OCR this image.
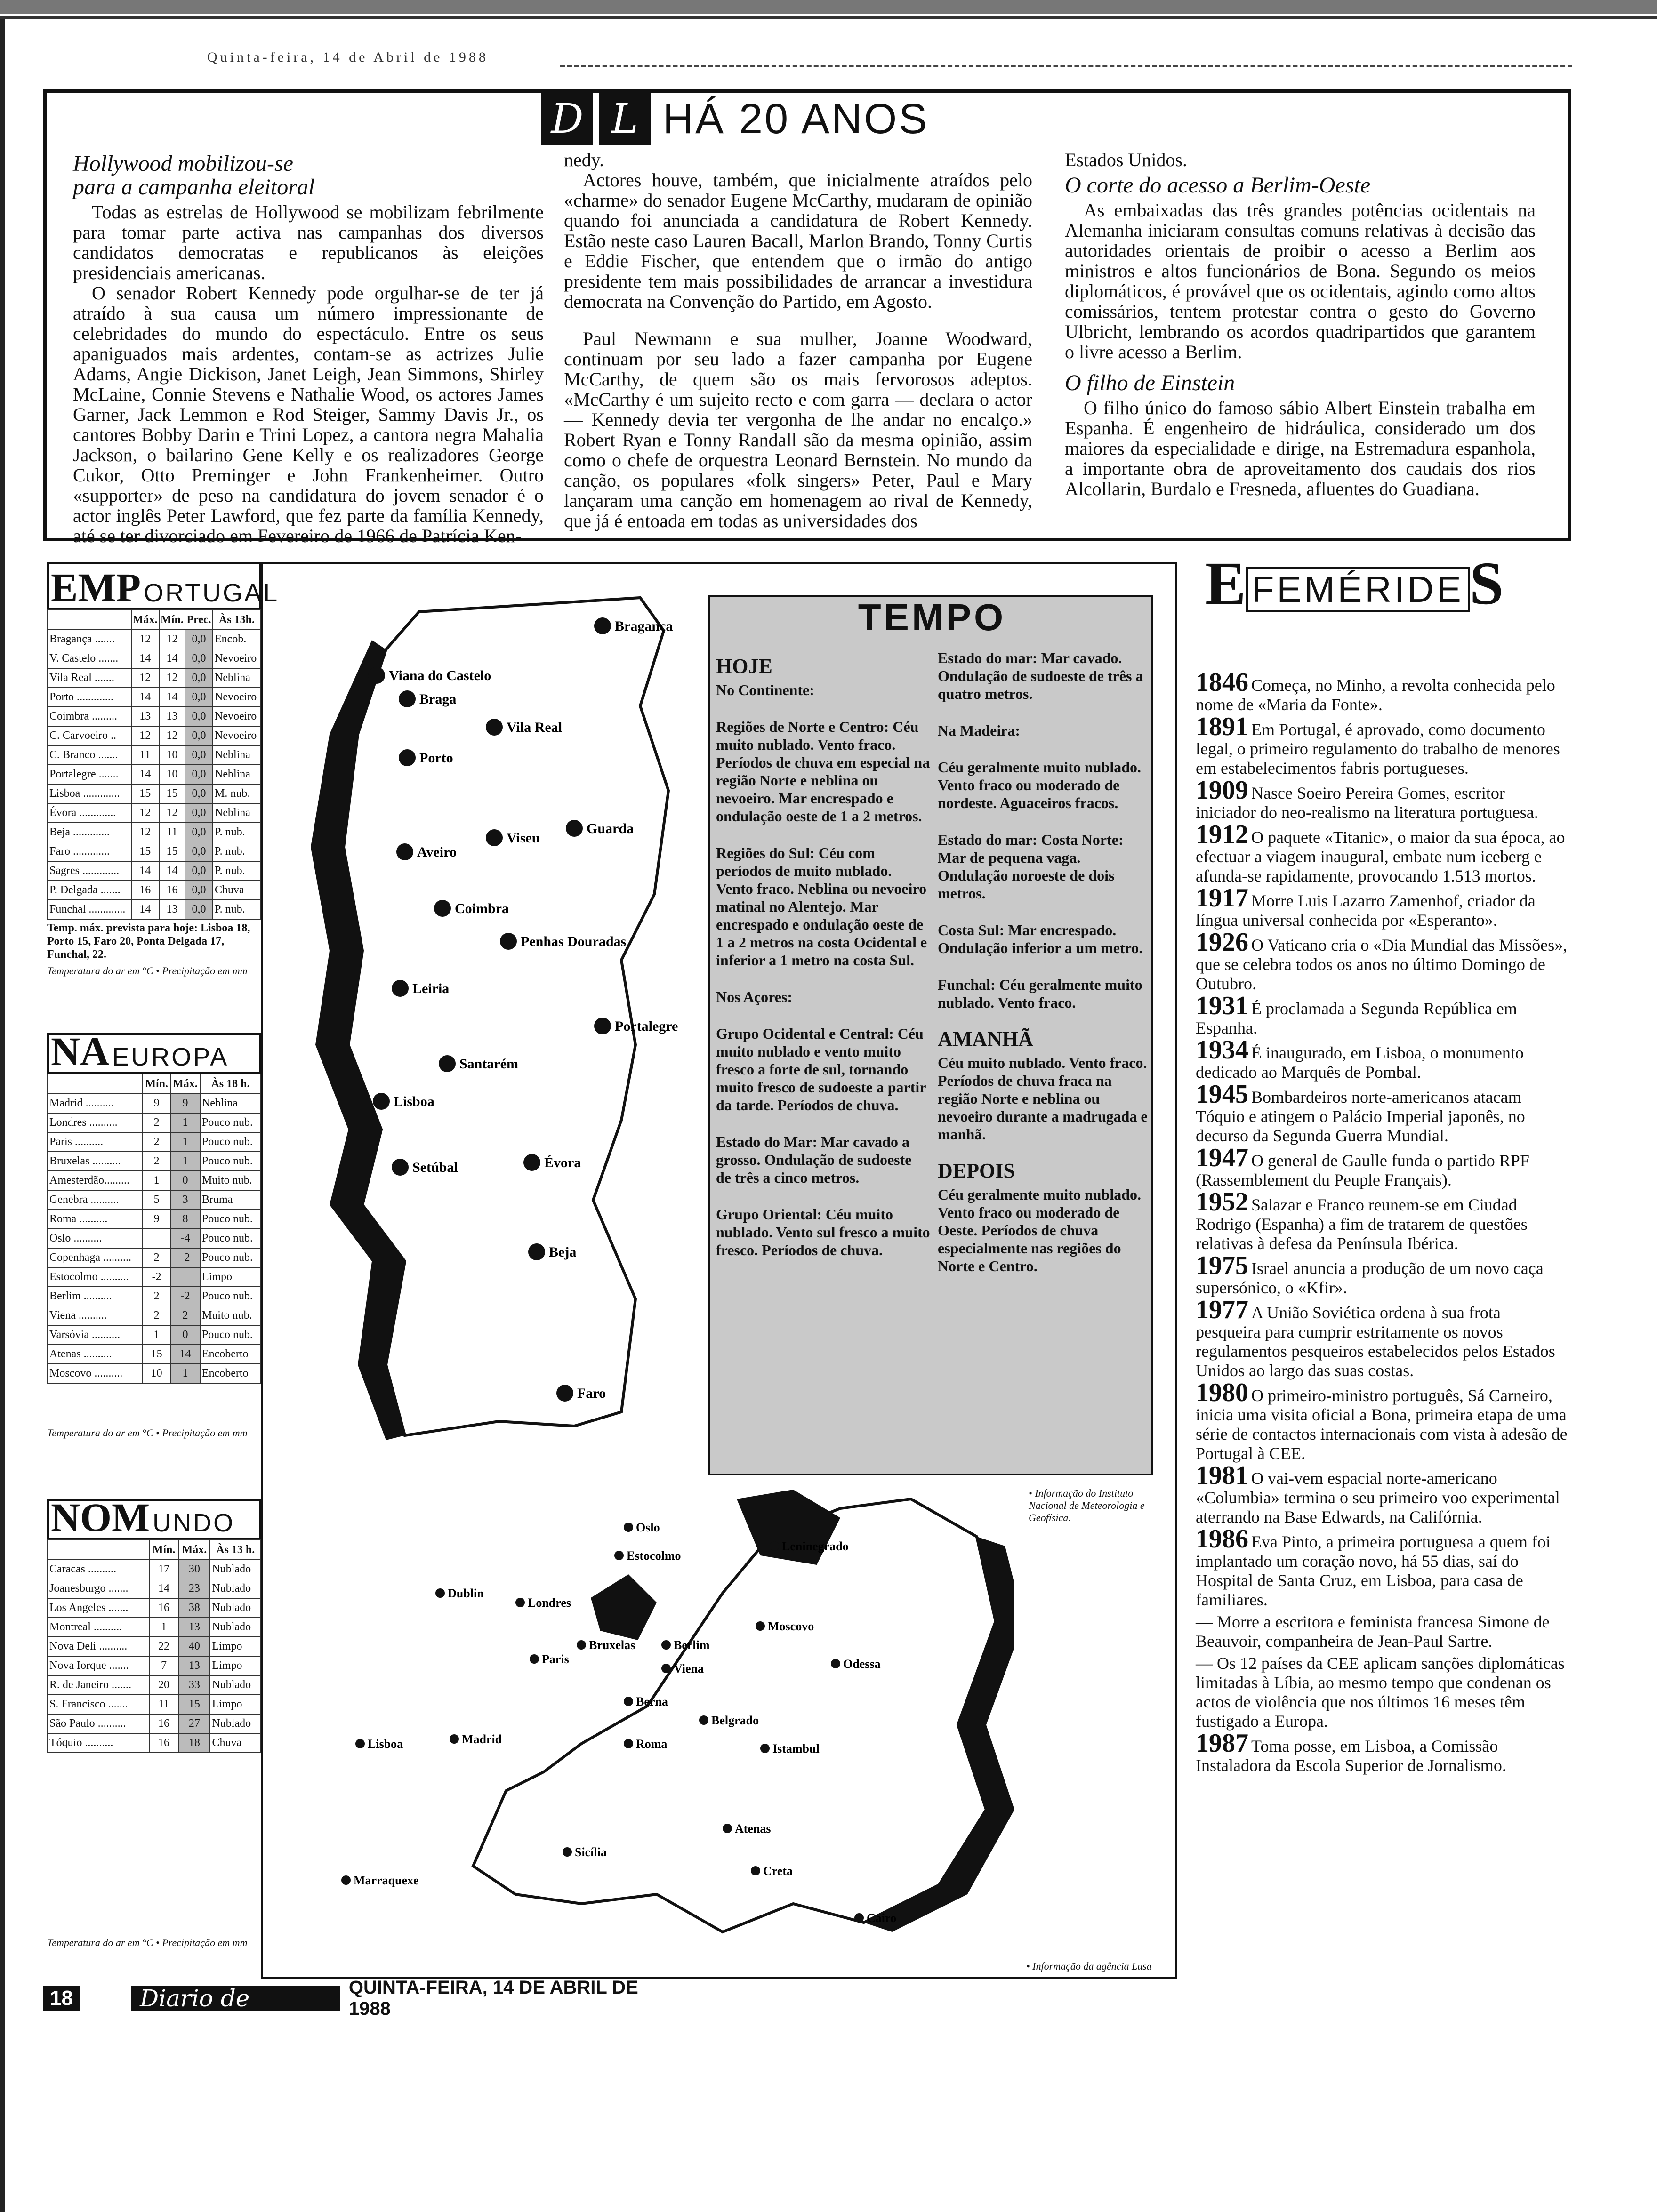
Quinta-feira, 14 de Abril de 1988
D L HÁ 20 ANOS
Hollywood mobilizou-se
para a campanha eleitoral

Todas as estrelas de Hollywood se mobilizam febrilmente para tomar parte activa nas campanhas dos diversos candidatos democratas e republicanos às eleições presidenciais americanas.

O senador Robert Kennedy pode orgulhar-se de ter já atraído à sua causa um número impressionante de celebridades do mundo do espectáculo. Entre os seus apaniguados mais ardentes, contam-se as actrizes Julie Adams, Angie Dickison, Janet Leigh, Jean Simmons, Shirley McLaine, Connie Stevens e Nathalie Wood, os actores James Garner, Jack Lemmon e Rod Steiger, Sammy Davis Jr., os cantores Bobby Darin e Trini Lopez, a cantora negra Mahalia Jackson, o bailarino Gene Kelly e os realizadores George Cukor, Otto Preminger e John Frankenheimer. Outro «supporter» de peso na candidatura do jovem senador é o actor inglês Peter Lawford, que fez parte da família Kennedy, até se ter divorciado em Fevereiro de 1966 de Patrícia Ken-

nedy.

Actores houve, também, que inicialmente atraídos pelo «charme» do senador Eugene McCarthy, mudaram de opinião quando foi anunciada a candidatura de Robert Kennedy. Estão neste caso Lauren Bacall, Marlon Brando, Tonny Curtis e Eddie Fischer, que entendem que o irmão do antigo presidente tem mais possibilidades de arrancar a investidura democrata na Convenção do Partido, em Agosto.

Paul Newmann e sua mulher, Joanne Woodward, continuam por seu lado a fazer campanha por Eugene McCarthy, de quem são os mais fervorosos adeptos. «McCarthy é um sujeito recto e com garra — declara o actor — Kennedy devia ter vergonha de lhe andar no encalço.» Robert Ryan e Tonny Randall são da mesma opinião, assim como o chefe de orquestra Leonard Bernstein. No mundo da canção, os populares «folk singers» Peter, Paul e Mary lançaram uma canção em homenagem ao rival de Kennedy, que já é entoada em todas as universidades dos

Estados Unidos.

O corte do acesso a Berlim-Oeste

As embaixadas das três grandes potências ocidentais na Alemanha iniciaram consultas comuns relativas à decisão das autoridades orientais de proibir o acesso a Berlim aos ministros e altos funcionários de Bona. Segundo os meios diplomáticos, é provável que os ocidentais, agindo como altos comissários, tentem protestar contra o gesto do Governo Ulbricht, lembrando os acordos quadripartidos que garantem o livre acesso a Berlim.

O filho de Einstein

O filho único do famoso sábio Albert Einstein trabalha em Espanha. É engenheiro de hidráulica, considerado um dos maiores da especialidade e dirige, na Estremadura espanhola, a importante obra de aproveitamento dos caudais dos rios Alcollarin, Burdalo e Fresneda, afluentes do Guadiana.

EMP ORTUGAL
	Máx.	Mín.	Prec.	Às 13h.
Bragança .......	12	12	0,0	Encob.
V. Castelo .......	14	14	0,0	Nevoeiro
Vila Real .......	12	12	0,0	Neblina
Porto .............	14	14	0,0	Nevoeiro
Coimbra .........	13	13	0,0	Nevoeiro
C. Carvoeiro ..	12	12	0,0	Nevoeiro
C. Branco .......	11	10	0,0	Neblina
Portalegre .......	14	10	0,0	Neblina
Lisboa .............	15	15	0,0	M. nub.
Évora .............	12	12	0,0	Neblina
Beja .............	12	11	0,0	P. nub.
Faro .............	15	15	0,0	P. nub.
Sagres .............	14	14	0,0	P. nub.
P. Delgada .......	16	16	0,0	Chuva
Funchal .............	14	13	0,0	P. nub.
Temp. máx. prevista para hoje: Lisboa 18, Porto 15, Faro 20, Ponta Delgada 17, Funchal, 22.
Temperatura do ar em °C • Precipitação em mm
NA EUROPA
	Mín.	Máx.	Às 18 h.
Madrid ..........	9	9	Neblina
Londres ..........	2	1	Pouco nub.
Paris ..........	2	1	Pouco nub.
Bruxelas ..........	2	1	Pouco nub.
Amesterdão.........	1	0	Muito nub.
Genebra ..........	5	3	Bruma
Roma ..........	9	8	Pouco nub.
Oslo ..........		-4	Pouco nub.
Copenhaga ..........	2	-2	Pouco nub.
Estocolmo ..........	-2		Limpo
Berlim ..........	2	-2	Pouco nub.
Viena ..........	2	2	Muito nub.
Varsóvia ..........	1	0	Pouco nub.
Atenas ..........	15	14	Encoberto
Moscovo ..........	10	1	Encoberto
Temperatura do ar em °C • Precipitação em mm
NOM UNDO
	Mín.	Máx.	Às 13 h.
Caracas ..........	17	30	Nublado
Joanesburgo .......	14	23	Nublado
Los Angeles .......	16	38	Nublado
Montreal ..........	1	13	Nublado
Nova Deli ..........	22	40	Limpo
Nova Iorque .......	7	13	Limpo
R. de Janeiro .......	20	33	Nublado
S. Francisco .......	11	15	Limpo
São Paulo ..........	16	27	Nublado
Tóquio ..........	16	18	Chuva
Temperatura do ar em °C • Precipitação em mm
Bragança
Viana do Castelo
Braga
Vila Real
Porto
Viseu
Aveiro
Guarda
Coimbra
Penhas Douradas
Leiria
Portalegre
Santarém
Lisboa
Évora
Setúbal
Beja
Faro
Oslo
Estocolmo
Leninegrado
Dublin
Londres
Moscovo
Bruxelas	Berlim
Paris
Viena	Odessa
Berna
Lisboa	Madrid	Roma
Belgrado
Istambul
Atenas
Sicília
Marraquexe
Creta
Cairo
• Informação da agência Lusa
HOJE

No Continente:

Regiões de Norte e Centro: Céu muito nublado. Vento fraco. Períodos de chuva em especial na região Norte e neblina ou nevoeiro. Mar encrespado e ondulação oeste de 1 a 2 metros.

Regiões do Sul: Céu com períodos de muito nublado. Vento fraco. Neblina ou nevoeiro matinal no Alentejo. Mar encrespado e ondulação oeste de 1 a 2 metros na costa Ocidental e inferior a 1 metro na costa Sul.

Nos Açores:

Grupo Ocidental e Central: Céu muito nublado e vento muito fresco a forte de sul, tornando muito fresco de sudoeste a partir da tarde. Períodos de chuva.

Estado do Mar: Mar cavado a grosso. Ondulação de sudoeste de três a cinco metros.

Grupo Oriental: Céu muito nublado. Vento sul fresco a muito fresco. Períodos de chuva.

Estado do mar: Mar cavado. Ondulação de sudoeste de três a quatro metros.

Na Madeira:

Céu geralmente muito nublado. Vento fraco ou moderado de nordeste. Aguaceiros fracos.

Estado do mar: Costa Norte: Mar de pequena vaga. Ondulação noroeste de dois metros.

Costa Sul: Mar encrespado. Ondulação inferior a um metro.

Funchal: Céu geralmente muito nublado. Vento fraco.

AMANHÃ

Céu muito nublado. Vento fraco. Períodos de chuva fraca na região Norte e neblina ou nevoeiro durante a madrugada e manhã.

DEPOIS

Céu geralmente muito nublado. Vento fraco ou moderado de Oeste. Períodos de chuva especialmente nas regiões do Norte e Centro.

TEMPO
• Informação do Instituto Nacional de Meteorologia e Geofísica.
E FEMÉRIDE S

1846 Começa, no Minho, a revolta conhecida pelo nome de «Maria da Fonte».

1891 Em Portugal, é aprovado, como documento legal, o primeiro regulamento do trabalho de menores em estabelecimentos fabris portugueses.

1909 Nasce Soeiro Pereira Gomes, escritor iniciador do neo-realismo na literatura portuguesa.

1912 O paquete «Titanic», o maior da sua época, ao efectuar a viagem inaugural, embate num iceberg e afunda-se rapidamente, provocando 1.513 mortos.

1917 Morre Luis Lazarro Zamenhof, criador da língua universal conhecida por «Esperanto».

1926 O Vaticano cria o «Dia Mundial das Missões», que se celebra todos os anos no último Domingo de Outubro.

1931 É proclamada a Segunda República em Espanha.

1934 É inaugurado, em Lisboa, o monumento dedicado ao Marquês de Pombal.

1945 Bombardeiros norte-americanos atacam Tóquio e atingem o Palácio Imperial japonês, no decurso da Segunda Guerra Mundial.

1947 O general de Gaulle funda o partido RPF (Rassemblement du Peuple Français).

1952 Salazar e Franco reunem-se em Ciudad Rodrigo (Espanha) a fim de tratarem de questões relativas à defesa da Península Ibérica.

1975 Israel anuncia a produção de um novo caça supersónico, o «Kfir».

1977 A União Soviética ordena à sua frota pesqueira para cumprir estritamente os novos regulamentos pesqueiros estabelecidos pelos Estados Unidos ao largo das suas costas.

1980 O primeiro-ministro português, Sá Carneiro, inicia uma visita oficial a Bona, primeira etapa de uma série de contactos internacionais com vista à adesão de Portugal à CEE.

1981 O vai-vem espacial norte-americano «Columbia» termina o seu primeiro voo experimental aterrando na Base Edwards, na Califórnia.

1986 Eva Pinto, a primeira portuguesa a quem foi implantado um coração novo, há 55 dias, saí do Hospital de Santa Cruz, em Lisboa, para casa de familiares.

— Morre a escritora e feminista francesa Simone de Beauvoir, companheira de Jean-Paul Sartre.

— Os 12 países da CEE aplicam sanções diplomáticas limitadas à Líbia, ao mesmo tempo que condenan os actos de violência que nos últimos 16 meses têm fustigado a Europa.

1987 Toma posse, em Lisboa, a Comissão Instaladora da Escola Superior de Jornalismo.

18	Diario de Lisboa
QUINTA-FEIRA, 14 DE ABRIL DE 1988
